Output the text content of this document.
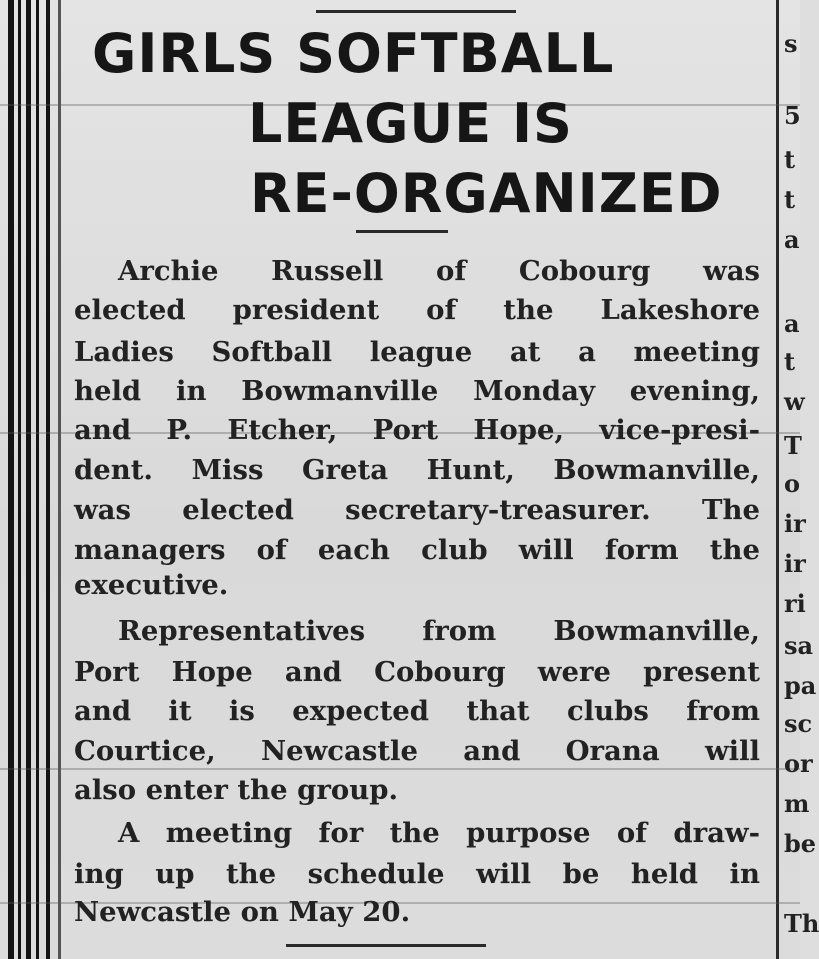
GIRLS SOFTBALL
LEAGUE IS
RE-ORGANIZED
Archie Russell of Cobourg was
elected president of the Lakeshore
Ladies Softball league at a meeting
held in Bowmanville Monday evening,
and P. Etcher, Port Hope, vice-presi-
dent. Miss Greta Hunt, Bowmanville,
was elected secretary-treasurer. The
managers of each club will form the
executive.
Representatives from Bowmanville,
Port Hope and Cobourg were present
and it is expected that clubs from
Courtice, Newcastle and Orana will
also enter the group.
A meeting for the purpose of draw-
ing up the schedule will be held in
Newcastle on May 20.
s
5
t
t
a
a
t
w
T
o
ir
ir
ri
sa
pa
sc
or
m
be
Th
